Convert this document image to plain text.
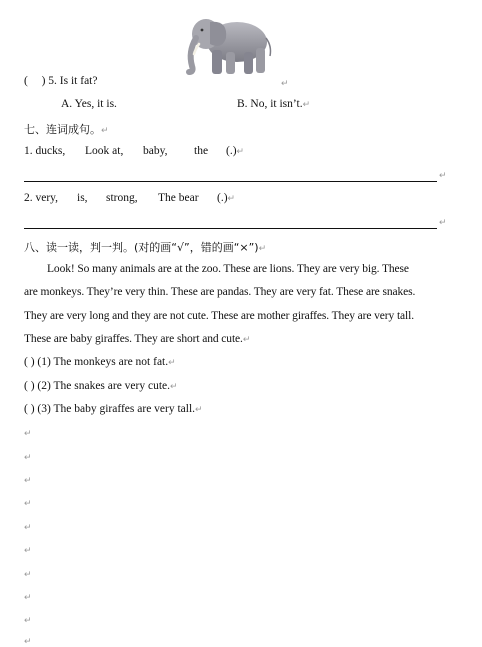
( ) 5. Is it fat?	↵
A. Yes, it is.	B. No, it isn’t.↵
七、连词成句。↵
1. ducks, Look at, baby, the (.)↵
↵
2. very, is, strong, The bear (.)↵
↵
八、读一读，判一判。(对的画“√”，错的画“×”)↵
Look! So many animals are at the zoo. These are lions. They are very big. These
are monkeys. They’re very thin. These are pandas. They are very fat. These are snakes.
They are very long and they are not cute. These are mother giraffes. They are very tall.
These are baby giraffes. They are short and cute.↵
( ) (1) The monkeys are not fat.↵
( ) (2) The snakes are very cute.↵
( ) (3) The baby giraffes are very tall.↵
↵
↵
↵
↵
↵
↵
↵
↵
↵
↵
